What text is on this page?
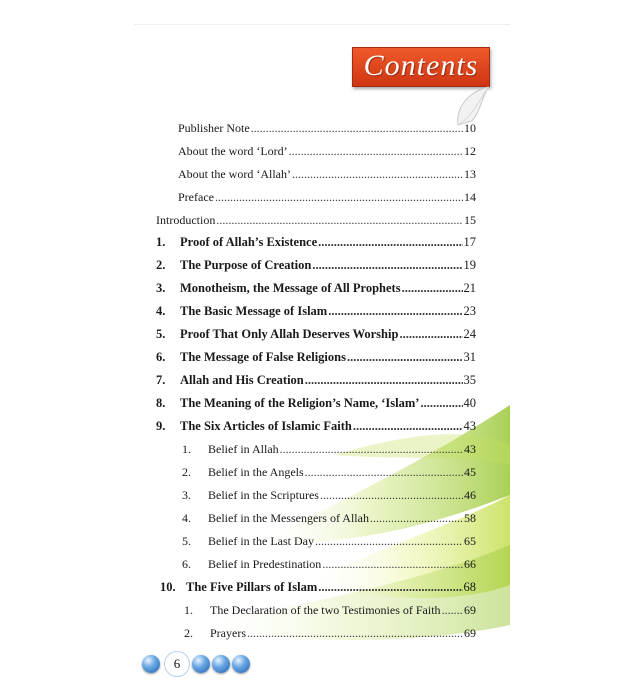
Contents
Publisher Note .....	10
About the word ‘Lord’ .....	12
About the word ‘Allah’ .....	13
Preface .....	14
Introduction .....	15
1.	Proof of Allah’s Existence .....	17
2.	The Purpose of Creation .....	19
3.	Monotheism, the Message of All Prophets .....	21
4.	The Basic Message of Islam .....	23
5.	Proof That Only Allah Deserves Worship .....	24
6.	The Message of False Religions .....	31
7.	Allah and His Creation .....	35
8.	The Meaning of the Religion’s Name, ‘Islam’ .....	40
9.	The Six Articles of Islamic Faith .....	43
1.	Belief in Allah .....	43
2.	Belief in the Angels .....	45
3.	Belief in the Scriptures .....	46
4.	Belief in the Messengers of Allah .....	58
5.	Belief in the Last Day .....	65
6.	Belief in Predestination .....	66
10. The Five Pillars of Islam .....	68
1.	The Declaration of the two Testimonies of Faith ..... 69
2.	Prayers .....	69
6
